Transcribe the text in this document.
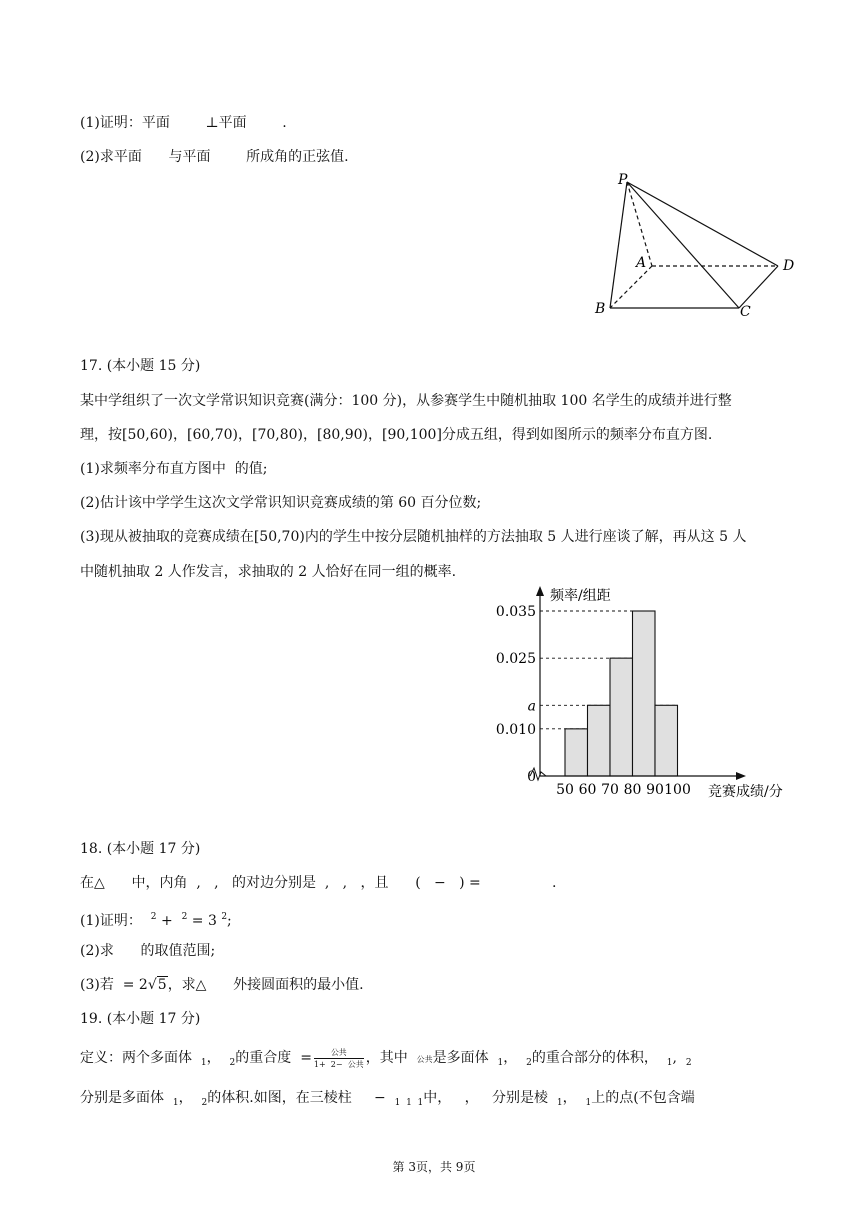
(1)证明：平面	⊥平面	.
(2)求平面 与平面	所成角的正弦值.
P
A
B	C
D
17. (本小题 15 分)
某中学组织了一次文学常识知识竞赛(满分：100 分)，从参赛学生中随机抽取 100 名学生的成绩并进行整
理，按[50,60)，[60,70)，[70,80)，[80,90)，[90,100]分成五组，得到如图所示的频率分布直方图.
(1)求频率分布直方图中  的值;
(2)估计该中学学生这次文学常识知识竞赛成绩的第 60 百分位数;
(3)现从被抽取的竞赛成绩在[50,70)内的学生中按分层随机抽样的方法抽取 5 人进行座谈了解，再从这 5 人
中随机抽取 2 人作发言，求抽取的 2 人恰好在同一组的概率.
0.035
0.025
a
0.010
0
50 60 70 80 90 100
频率/组距
竞赛成绩/分
18. (本小题 17 分)
在△ 中，内角  ,   ,   的对边分别是  ,   ,   ，且 (   −   ) =	.
(1)证明： $^2$ + $^2$ = 3 $^2$;
(2)求 的取值范围;
(3)若 = 2√5，求△ 外接圆面积的最小值.
19. (本小题 17 分)
定义：两个多面体 $_1$， $_2$的重合度 = $\frac{\text{公共}}{\text{1+  2− 公共}}$ ，其中 公共是多面体 $_1$， $_2$的重合部分的体积， $_1$,  $_2$
分别是多面体 $_1$， $_2$的体积.如图，在三棱柱 − $_{1 1 1}$中，   ，   分别是棱 $_1$， $_1$上的点(不包含端
第 3页，共 9页
